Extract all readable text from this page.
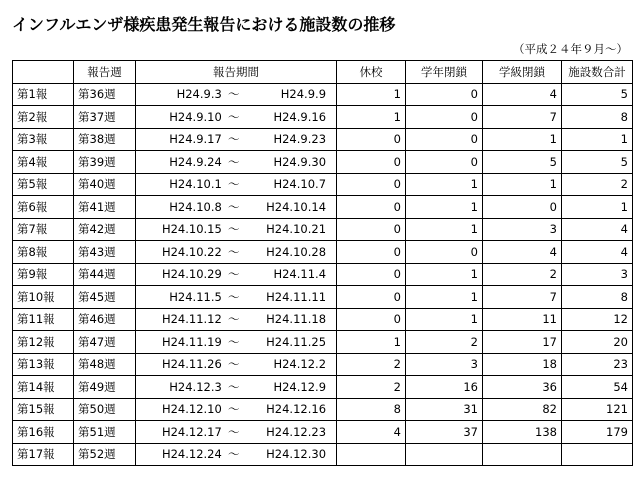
インフルエンザ様疾患発生報告における施設数の推移
（平成２４年９月～）
	報告週	報告期間	休校	学年閉鎖	学級閉鎖	施設数合計
第1報	第36週	H24.9.3 ～ H24.9.9	1	0	4	5
第2報	第37週	H24.9.10 ～ H24.9.16	1	0	7	8
第3報	第38週	H24.9.17 ～ H24.9.23	0	0	1	1
第4報	第39週	H24.9.24 ～ H24.9.30	0	0	5	5
第5報	第40週	H24.10.1 ～ H24.10.7	0	1	1	2
第6報	第41週	H24.10.8 ～ H24.10.14	0	1	0	1
第7報	第42週	H24.10.15 ～ H24.10.21	0	1	3	4
第8報	第43週	H24.10.22 ～ H24.10.28	0	0	4	4
第9報	第44週	H24.10.29 ～ H24.11.4	0	1	2	3
第10報	第45週	H24.11.5 ～ H24.11.11	0	1	7	8
第11報	第46週	H24.11.12 ～ H24.11.18	0	1	11	12
第12報	第47週	H24.11.19 ～ H24.11.25	1	2	17	20
第13報	第48週	H24.11.26 ～ H24.12.2	2	3	18	23
第14報	第49週	H24.12.3 ～ H24.12.9	2	16	36	54
第15報	第50週	H24.12.10 ～ H24.12.16	8	31	82	121
第16報	第51週	H24.12.17 ～ H24.12.23	4	37	138	179
第17報	第52週	H24.12.24 ～ H24.12.30				
